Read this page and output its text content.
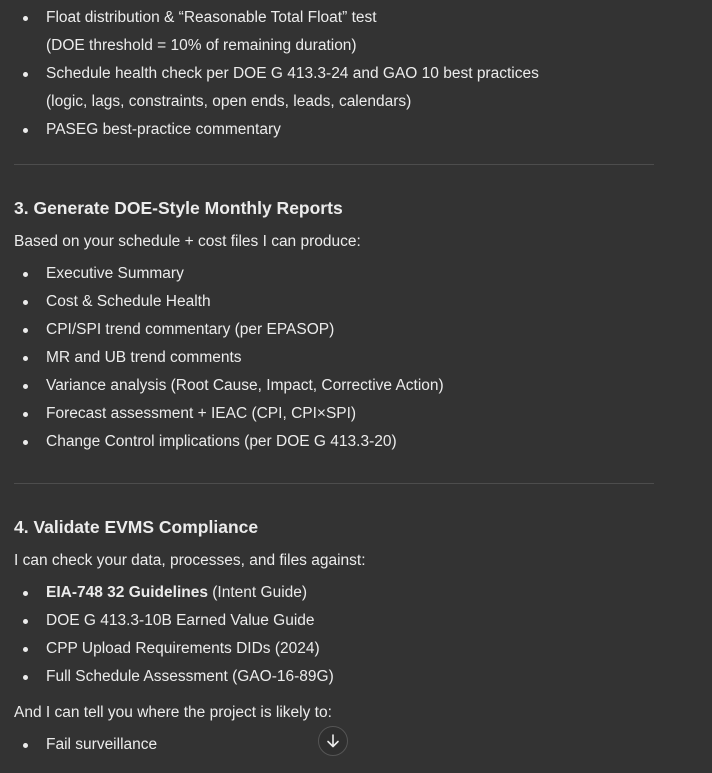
Float distribution & “Reasonable Total Float” test
(DOE threshold = 10% of remaining duration)
Schedule health check per DOE G 413.3-24 and GAO 10 best practices
(logic, lags, constraints, open ends, leads, calendars)
PASEG best-practice commentary
3. Generate DOE-Style Monthly Reports

Based on your schedule + cost files I can produce:

Executive Summary
Cost & Schedule Health
CPI/SPI trend commentary (per EPASOP)
MR and UB trend comments
Variance analysis (Root Cause, Impact, Corrective Action)
Forecast assessment + IEAC (CPI, CPI×SPI)
Change Control implications (per DOE G 413.3-20)
4. Validate EVMS Compliance

I can check your data, processes, and files against:

EIA-748 32 Guidelines (Intent Guide)
DOE G 413.3-10B Earned Value Guide
CPP Upload Requirements DIDs (2024)
Full Schedule Assessment (GAO-16-89G)

And I can tell you where the project is likely to:

Fail surveillance
